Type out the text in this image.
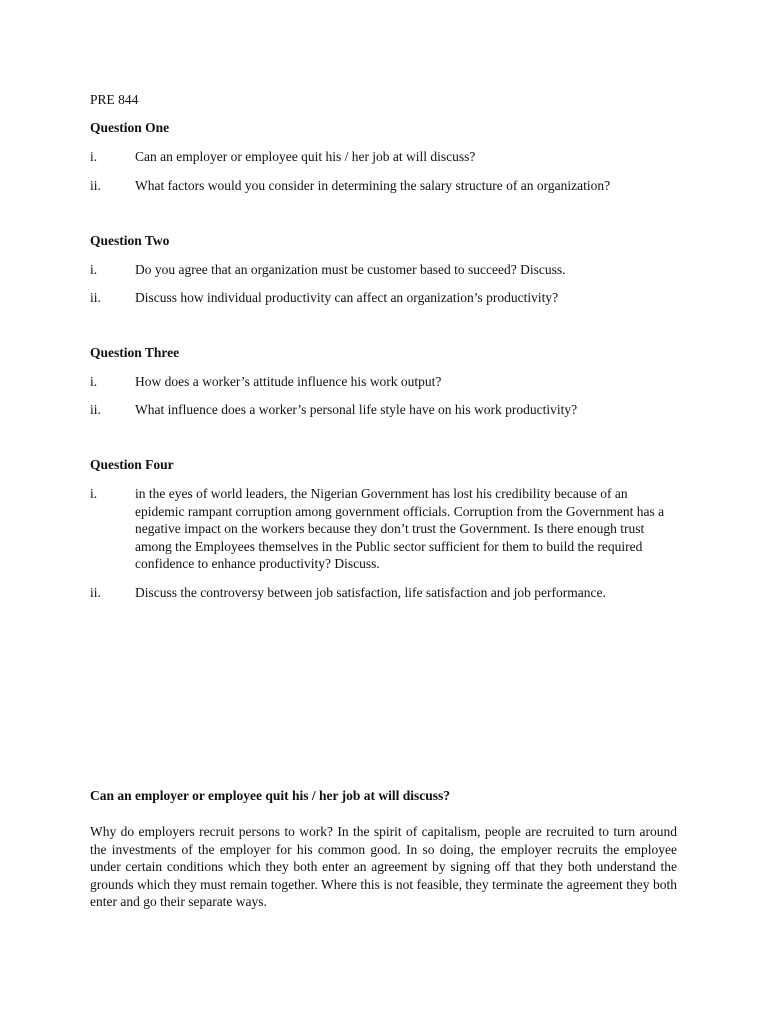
PRE 844
Question One
i.	Can an employer or employee quit his / her job at will discuss?
ii.	What factors would you consider in determining the salary structure of an organization?
Question Two
i.	Do you agree that an organization must be customer based to succeed? Discuss.
ii.	Discuss how individual productivity can affect an organization’s productivity?
Question Three
i.	How does a worker’s attitude influence his work output?
ii.	What influence does a worker’s personal life style have on his work productivity?
Question Four
i.	in the eyes of world leaders, the Nigerian Government has lost his credibility because of an epidemic rampant corruption among government officials. Corruption from the Government has a negative impact on the workers because they don’t trust the Government. Is there enough trust among the Employees themselves in the Public sector sufficient for them to build the required confidence to enhance productivity? Discuss.
ii.	Discuss the controversy between job satisfaction, life satisfaction and job performance.
Can an employer or employee quit his / her job at will discuss?
Why do employers recruit persons to work? In the spirit of capitalism, people are recruited to turn around the investments of the employer for his common good. In so doing, the employer recruits the employee under certain conditions which they both enter an agreement by signing off that they both understand the grounds which they must remain together. Where this is not feasible, they terminate the agreement they both enter and go their separate ways.
